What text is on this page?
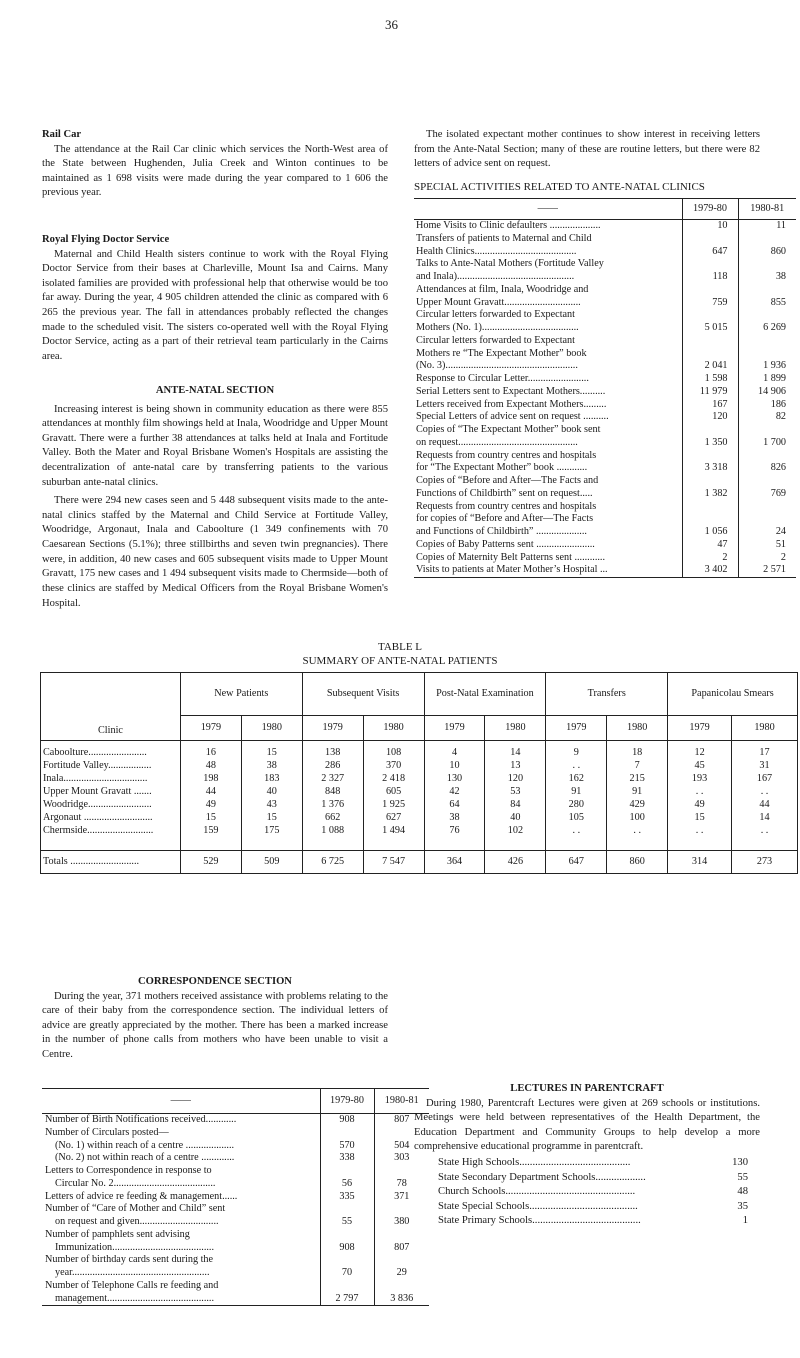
36
Rail Car

The attendance at the Rail Car clinic which services the North-West area of the State between Hughenden, Julia Creek and Winton continues to be maintained as 1 698 visits were made during the year compared to 1 606 the previous year.

Royal Flying Doctor Service

Maternal and Child Health sisters continue to work with the Royal Flying Doctor Service from their bases at Charleville, Mount Isa and Cairns. Many isolated families are provided with professional help that otherwise would be too far away. During the year, 4 905 children attended the clinic as compared with 6 265 the previous year. The fall in attendances probably reflected the changes made to the scheduled visit. The sisters co-operated well with the Royal Flying Doctor Service, acting as a part of their retrieval team particularly in the Cairns area.

ANTE-NATAL SECTION

Increasing interest is being shown in community education as there were 855 attendances at monthly film showings held at Inala, Woodridge and Upper Mount Gravatt. There were a further 38 attendances at talks held at Inala and Fortitude Valley. Both the Mater and Royal Brisbane Women's Hospitals are assisting the decentralization of ante-natal care by transferring patients to the various suburban ante-natal clinics.

There were 294 new cases seen and 5 448 subsequent visits made to the ante-natal clinics staffed by the Maternal and Child Service at Fortitude Valley, Woodridge, Argonaut, Inala and Caboolture (1 349 confinements with 70 Caesarean Sections (5.1%); three stillbirths and seven twin pregnancies). There were, in addition, 40 new cases and 605 subsequent visits made to Upper Mount Gravatt, 175 new cases and 1 494 subsequent visits made to Chermside—both of these clinics are staffed by Medical Officers from the Royal Brisbane Women's Hospital.

The isolated expectant mother continues to show interest in receiving letters from the Ante-Natal Section; many of these are routine letters, but there were 82 letters of advice sent on request.

SPECIAL ACTIVITIES RELATED TO ANTE-NATAL CLINICS
——	1979-80	1980-81

Home Visits to Clinic defaulters ....................	10	11

Transfers of patients to Maternal and Child
Health Clinics........................................	647	860

Talks to Ante-Natal Mothers (Fortitude Valley
and Inala)..............................................	118	38

Attendances at film, Inala, Woodridge and
Upper Mount Gravatt..............................	759	855

Circular letters forwarded to Expectant
Mothers (No. 1)......................................	5 015	6 269

Circular letters forwarded to Expectant
Mothers re “The Expectant Mother” book
(No. 3)....................................................	2 041	1 936

Response to Circular Letter........................	1 598	1 899

Serial Letters sent to Expectant Mothers..........	11 979	14 906

Letters received from Expectant Mothers.........	167	186

Special Letters of advice sent on request ..........	120	82

Copies of “The Expectant Mother” book sent
on request...............................................	1 350	1 700

Requests from country centres and hospitals
for “The Expectant Mother” book ............	3 318	826

Copies of “Before and After—The Facts and
Functions of Childbirth” sent on request.....	1 382	769

Requests from country centres and hospitals
for copies of “Before and After—The Facts
and Functions of Childbirth” ....................	1 056	24

Copies of Baby Patterns sent .......................	47	51

Copies of Maternity Belt Patterns sent ............	2	2

Visits to patients at Mater Mother’s Hospital ...	3 402	2 571
TABLE L
SUMMARY OF ANTE-NATAL PATIENTS
Clinic	New Patients		Subsequent Visits		Post-Natal Examination		Transfers		Papanicolau Smears	
	1979	1980	1979	1980	1979	1980	1979	1980	1979	1980

Caboolture.......................	16	15	138	108	4	14	9	18	12	17
Fortitude Valley.................	48	38	286	370	10	13	. .	7	45	31
Inala.................................	198	183	2 327	2 418	130	120	162	215	193	167
Upper Mount Gravatt .......	44	40	848	605	42	53	91	91	. .	. .
Woodridge.........................	49	43	1 376	1 925	64	84	280	429	49	44
Argonaut ...........................	15	15	662	627	38	40	105	100	15	14
Chermside..........................	159	175	1 088	1 494	76	102	. .	. .	. .	. .

Totals ...........................	529	509	6 725	7 547	364	426	647	860	314	273
CORRESPONDENCE SECTION

During the year, 371 mothers received assistance with problems relating to the care of their baby from the correspondence section. The individual letters of advice are greatly appreciated by the mother. There has been a marked increase in the number of phone calls from mothers who have been unable to visit a Centre.

——	1979-80	1980-81

Number of Birth Notifications received............	908	807

Number of Circulars posted—
(No. 1) within reach of a centre ...................	570	504

(No. 2) not within reach of a centre .............	338	303

Letters to Correspondence in response to
Circular No. 2........................................	56	78

Letters of advice re feeding & management......	335	371

Number of “Care of Mother and Child” sent
on request and given...............................	55	380

Number of pamphlets sent advising
Immunization........................................	908	807

Number of birthday cards sent during the
year......................................................	70	29

Number of Telephone Calls re feeding and
management..........................................	2 797	3 836
LECTURES IN PARENTCRAFT

During 1980, Parentcraft Lectures were given at 269 schools or institutions. Meetings were held between representatives of the Health Department, the Education Department and Community Groups to help develop a more comprehensive educational programme in parentcraft.

State High Schools..........................................	130
State Secondary Department Schools...................	55
Church Schools.................................................	48
State Special Schools.........................................	35
State Primary Schools.........................................	1
